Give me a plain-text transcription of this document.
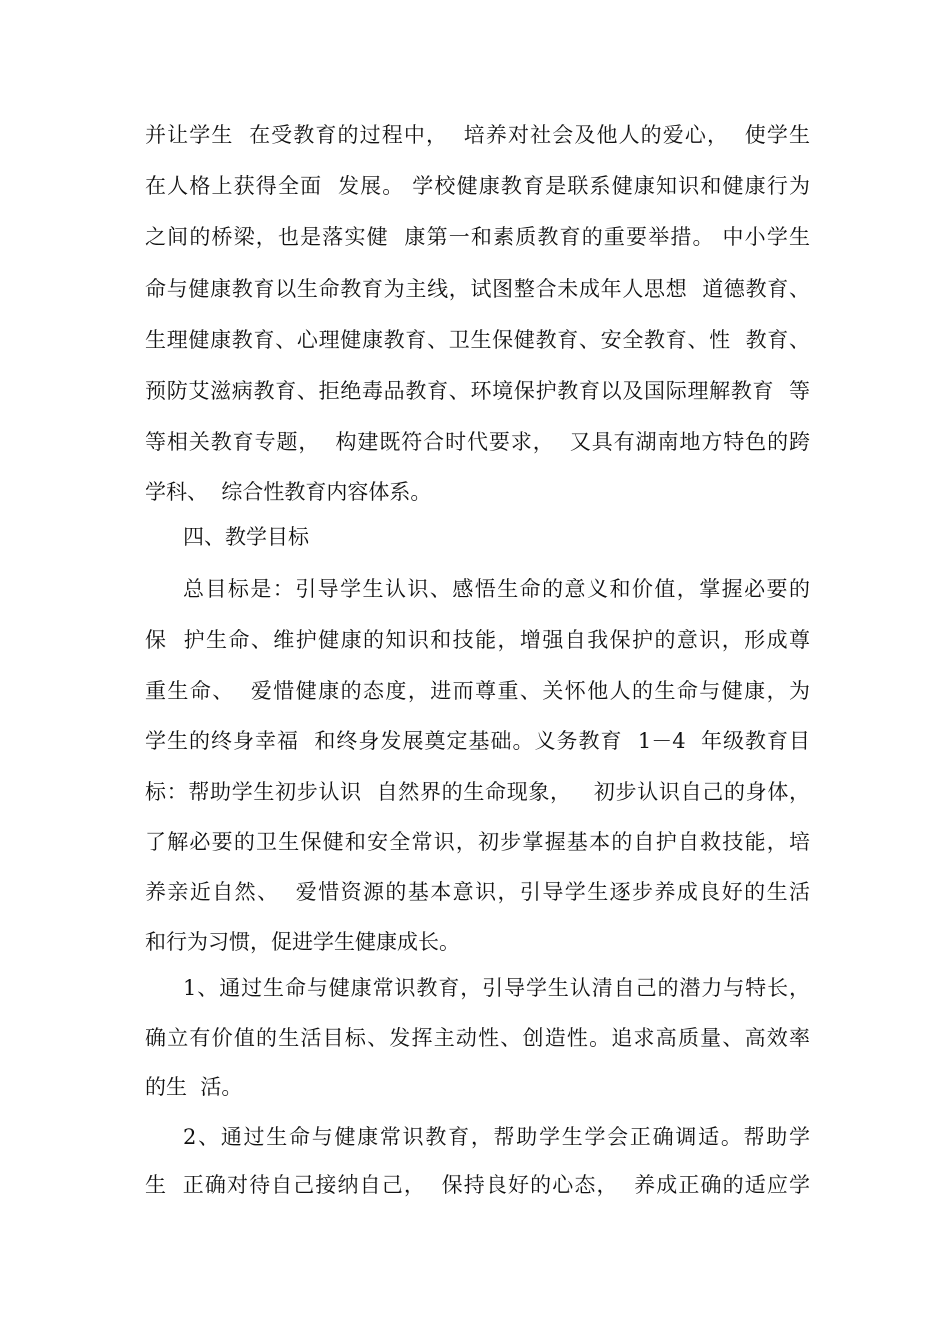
并让学生  在受教育的过程中，  培养对社会及他人的爱心，  使学生
在人格上获得全面  发展。 学校健康教育是联系健康知识和健康行为
之间的桥梁，也是落实健  康第一和素质教育的重要举措。 中小学生
命与健康教育以生命教育为主线，试图整合未成年人思想  道德教育、
生理健康教育、心理健康教育、卫生保健教育、安全教育、性  教育、
预防艾滋病教育、拒绝毒品教育、环境保护教育以及国际理解教育  等
等相关教育专题，  构建既符合时代要求，  又具有湖南地方特色的跨
学科、  综合性教育内容体系。
四、教学目标
总目标是：引导学生认识、感悟生命的意义和价值，掌握必要的
保  护生命、维护健康的知识和技能，增强自我保护的意识，形成尊
重生命、  爱惜健康的态度，进而尊重、关怀他人的生命与健康，为
学生的终身幸福  和终身发展奠定基础。义务教育  1－4  年级教育目
标：帮助学生初步认识  自然界的生命现象，   初步认识自己的身体，
了解必要的卫生保健和安全常识，初步掌握基本的自护自救技能，培
养亲近自然、  爱惜资源的基本意识，引导学生逐步养成良好的生活
和行为习惯，促进学生健康成长。
1、通过生命与健康常识教育，引导学生认清自己的潜力与特长，
确立有价值的生活目标、发挥主动性、创造性。追求高质量、高效率
的生  活。
2、通过生命与健康常识教育，帮助学生学会正确调适。帮助学
生  正确对待自己接纳自己，  保持良好的心态，  养成正确的适应学
